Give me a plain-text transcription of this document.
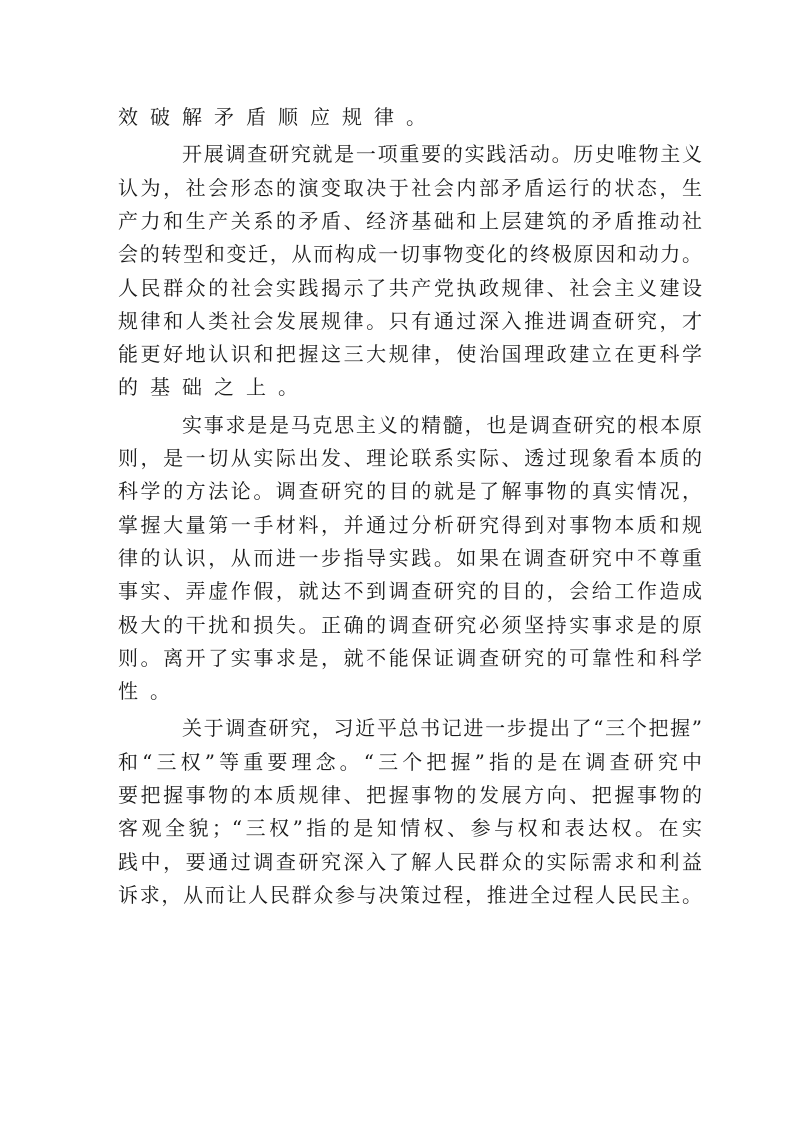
效破解矛盾顺应规律。
开展调查研究就是一项重要的实践活动。历史唯物主义
认为，社会形态的演变取决于社会内部矛盾运行的状态，生
产力和生产关系的矛盾、经济基础和上层建筑的矛盾推动社
会的转型和变迁，从而构成一切事物变化的终极原因和动力。
人民群众的社会实践揭示了共产党执政规律、社会主义建设
规律和人类社会发展规律。只有通过深入推进调查研究，才
能更好地认识和把握这三大规律，使治国理政建立在更科学
的基础之上。
实事求是是马克思主义的精髓，也是调查研究的根本原
则，是一切从实际出发、理论联系实际、透过现象看本质的
科学的方法论。调查研究的目的就是了解事物的真实情况，
掌握大量第一手材料，并通过分析研究得到对事物本质和规
律的认识，从而进一步指导实践。如果在调查研究中不尊重
事实、弄虚作假，就达不到调查研究的目的，会给工作造成
极大的干扰和损失。正确的调查研究必须坚持实事求是的原
则。离开了实事求是，就不能保证调查研究的可靠性和科学
性。
关于调查研究，习近平总书记进一步提出了“三个把握”
和“三权”等重要理念。“三个把握”指的是在调查研究中
要把握事物的本质规律、把握事物的发展方向、把握事物的
客观全貌；“三权”指的是知情权、参与权和表达权。在实
践中，要通过调查研究深入了解人民群众的实际需求和利益
诉求，从而让人民群众参与决策过程，推进全过程人民民主。
